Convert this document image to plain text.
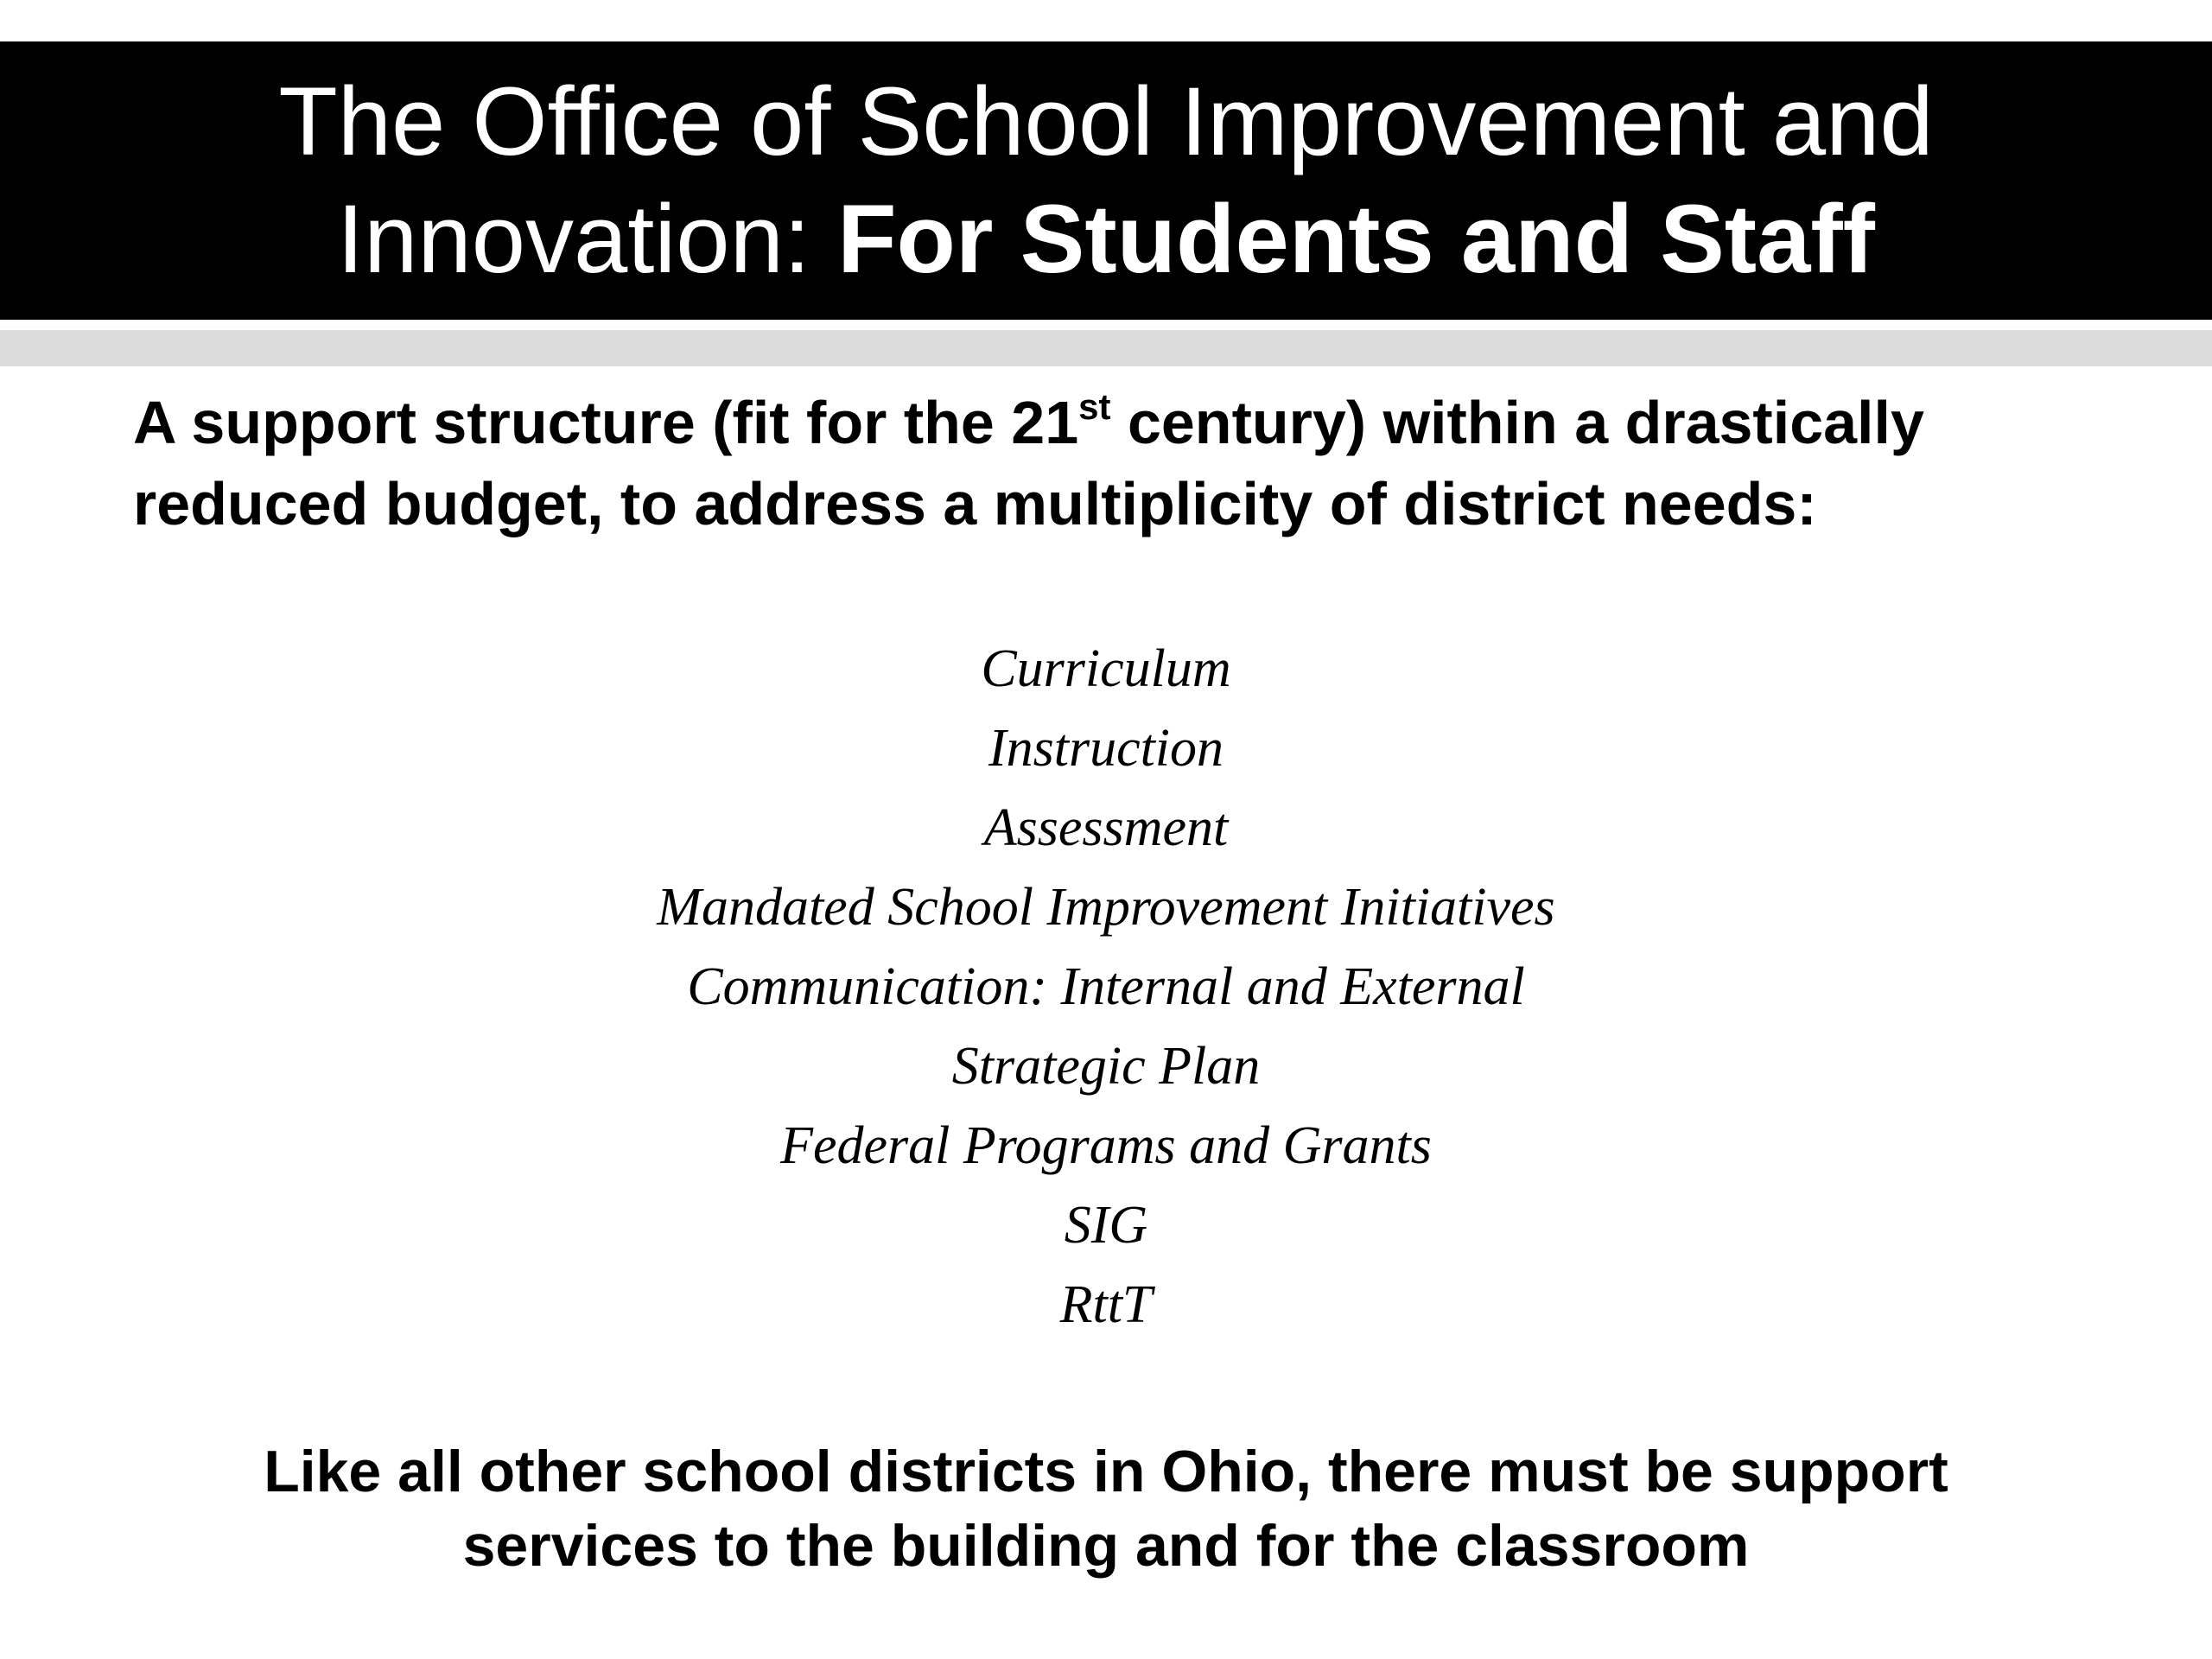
The Office of School Improvement and
Innovation: For Students and Staff
A support structure (fit for the 21st century) within a drastically reduced budget, to address a multiplicity of district needs:
Curriculum
Instruction
Assessment
Mandated School Improvement Initiatives
Communication: Internal and External
Strategic Plan
Federal Programs and Grants
SIG
RttT
Like all other school districts in Ohio, there must be support
services to the building and for the classroom
